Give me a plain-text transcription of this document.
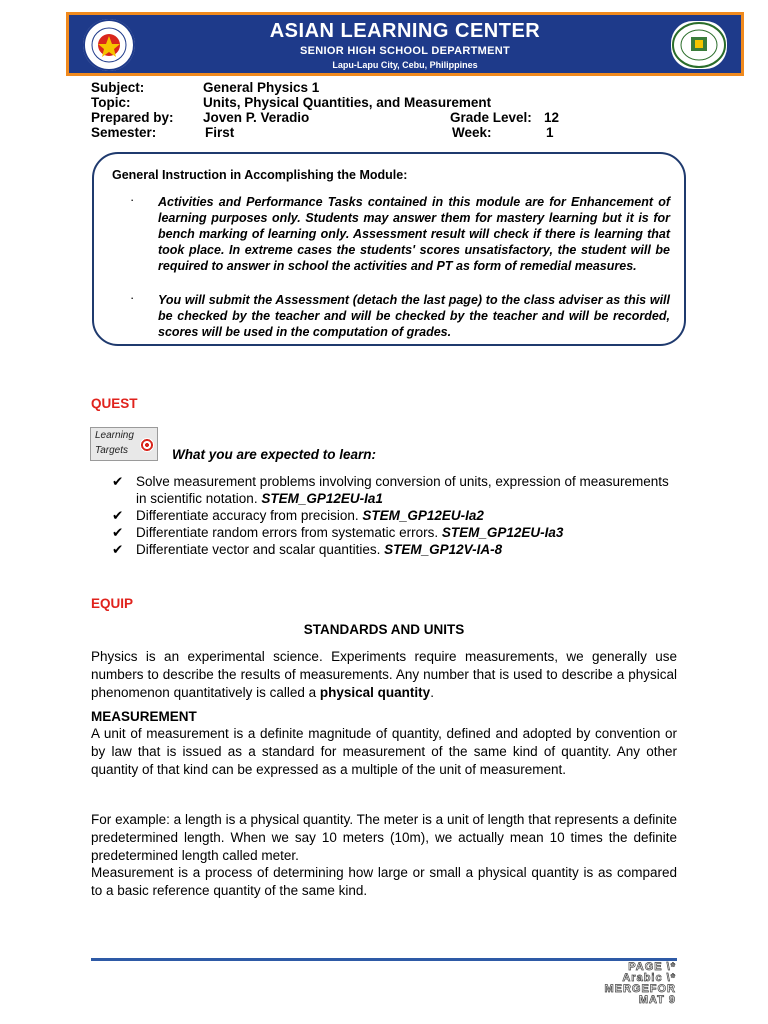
ASIAN LEARNING CENTER
SENIOR HIGH SCHOOL DEPARTMENT
Lapu-Lapu City, Cebu, Philippines
Subject:	General Physics 1
Topic:	Units, Physical Quantities, and Measurement
Prepared by: Joven P. Veradio	Grade Level: 12
Semester:	First	Week:	1
General Instruction in Accomplishing the Module:
· Activities and Performance Tasks contained in this module are for Enhancement of learning purposes only. Students may answer them for mastery learning but it is for bench marking of learning only. Assessment result will check if there is learning that took place. In extreme cases the students' scores unsatisfactory, the student will be required to answer in school the activities and PT as form of remedial measures.
· You will submit the Assessment (detach the last page) to the class adviser as this will be checked by the teacher and will be checked by the teacher and will be recorded, scores will be used in the computation of grades.
QUEST
Learning
Targets	What you are expected to learn:
✔ Solve measurement problems involving conversion of units, expression of measurements in scientific notation. STEM_GP12EU-Ia1
✔ Differentiate accuracy from precision. STEM_GP12EU-Ia2
✔ Differentiate random errors from systematic errors. STEM_GP12EU-Ia3
✔ Differentiate vector and scalar quantities. STEM_GP12V-IA-8
EQUIP
STANDARDS AND UNITS
Physics is an experimental science. Experiments require measurements, we generally use numbers to describe the results of measurements. Any number that is used to describe a physical phenomenon quantitatively is called a physical quantity.
MEASUREMENT
A unit of measurement is a definite magnitude of quantity, defined and adopted by convention or by law that is issued as a standard for measurement of the same kind of quantity. Any other quantity of that kind can be expressed as a multiple of the unit of measurement.
For example: a length is a physical quantity. The meter is a unit of length that represents a definite predetermined length. When we say 10 meters (10m), we actually mean 10 times the definite predetermined length called meter.
Measurement is a process of determining how large or small a physical quantity is as compared to a basic reference quantity of the same kind.
PAGE \*
Arabic \*
MERGEFOR
MAT 9
